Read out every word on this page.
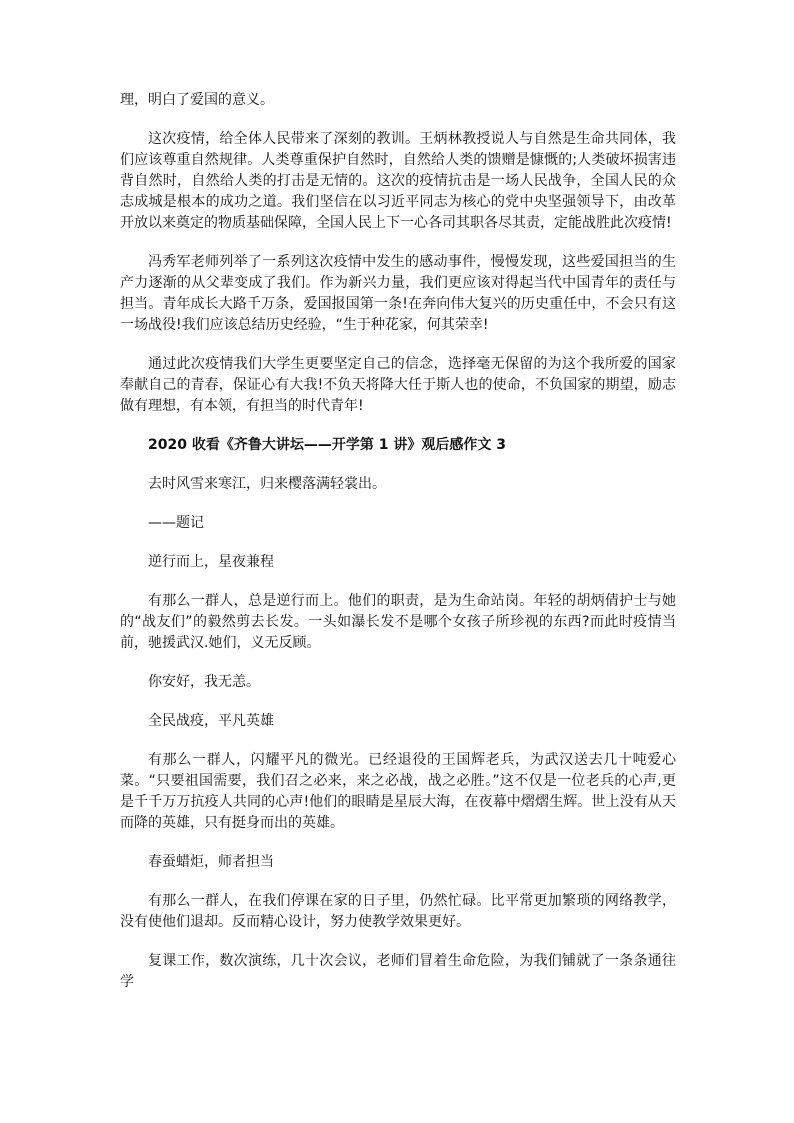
理，明白了爱国的意义。

这次疫情，给全体人民带来了深刻的教训。王炳林教授说人与自然是生命共同体，我们应该尊重自然规律。人类尊重保护自然时，自然给人类的馈赠是慷慨的;人类破坏损害违背自然时，自然给人类的打击是无情的。这次的疫情抗击是一场人民战争，全国人民的众志成城是根本的成功之道。我们坚信在以习近平同志为核心的党中央坚强领导下，由改革开放以来奠定的物质基础保障，全国人民上下一心各司其职各尽其责，定能战胜此次疫情!

冯秀军老师列举了一系列这次疫情中发生的感动事件，慢慢发现，这些爱国担当的生产力逐渐的从父辈变成了我们。作为新兴力量，我们更应该对得起当代中国青年的责任与担当。青年成长大路千万条，爱国报国第一条!在奔向伟大复兴的历史重任中，不会只有这一场战役!我们应该总结历史经验，“生于种花家，何其荣幸!

通过此次疫情我们大学生更要坚定自己的信念，选择毫无保留的为这个我所爱的国家奉献自己的青春，保证心有大我!不负天将降大任于斯人也的使命，不负国家的期望，励志做有理想，有本领，有担当的时代青年!

2020 收看《齐鲁大讲坛——开学第 1 讲》观后感作文 3

去时风雪来寒江，归来樱落满轻裳出。

——题记

逆行而上，星夜兼程

有那么一群人，总是逆行而上。他们的职责，是为生命站岗。年轻的胡炳倩护士与她的“战友们”的毅然剪去长发。一头如瀑长发不是哪个女孩子所珍视的东西?而此时疫情当前，驰援武汉.她们，义无反顾。

你安好，我无恙。

全民战疫，平凡英雄

有那么一群人，闪耀平凡的微光。已经退役的王国辉老兵，为武汉送去几十吨爱心菜。“只要祖国需要，我们召之必来，来之必战，战之必胜。”这不仅是一位老兵的心声,更是千千万万抗疫人共同的心声!他们的眼睛是星辰大海，在夜幕中熠熠生辉。世上没有从天而降的英雄，只有挺身而出的英雄。

春蚕蜡炬，师者担当

有那么一群人，在我们停课在家的日子里，仍然忙碌。比平常更加繁琐的网络教学，没有使他们退却。反而精心设计，努力使教学效果更好。

复课工作，数次演练，几十次会议，老师们冒着生命危险，为我们铺就了一条条通往学
